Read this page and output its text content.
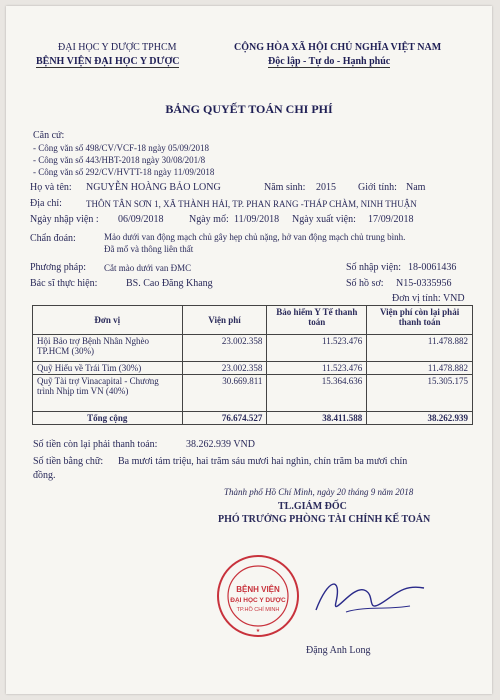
ĐẠI HỌC Y DƯỢC TPHCM
BỆNH VIỆN ĐẠI HỌC Y DƯỢC
CỘNG HÒA XÃ HỘI CHỦ NGHĨA VIỆT NAM
Độc lập - Tự do - Hạnh phúc
BẢNG QUYẾT TOÁN CHI PHÍ
Căn cứ:
- Công văn số 498/CV/VCF-18 ngày 05/09/2018
- Công văn số 443/HBT-2018 ngày 30/08/201/8
- Công văn số 292/CV/HVTT-18 ngày 11/09/2018
Họ và tên: NGUYỄN HOÀNG BẢO LONG	Năm sinh: 2015 Giới tính: Nam
Địa chỉ:	THÔN TÂN SƠN 1, XÃ THÀNH HẢI, TP. PHAN RANG -THÁP CHÀM, NINH THUẬN
Ngày nhập viện : 06/09/2018	Ngày mổ: 11/09/2018 Ngày xuất viện: 17/09/2018
Chẩn đoán:	Mảo dưới van động mạch chủ gây hẹp chủ nặng, hở van động mạch chủ trung bình.
Đã mổ và thông liên thất
Phương pháp: Cắt mào dưới van ĐMC	Số nhập viện: 18-0061436
Bác sĩ thực hiện:	BS. Cao Đăng Khang	Số hồ sơ: N15-0335956
Đơn vị tính: VND
Đơn vị	Viện phí	Bảo hiểm Y Tế thanh toán	Viện phí còn lại phải thanh toán
Hội Bảo trợ Bệnh Nhân Nghèo TP.HCM (30%)	23.002.358	11.523.476	11.478.882
Quỹ Hiểu về Trái Tim (30%)	23.002.358	11.523.476	11.478.882
Quỹ Tài trợ Vinacapital - Chương trình Nhịp tim VN (40%)	30.669.811	15.364.636	15.305.175
Tổng cộng	76.674.527	38.411.588	38.262.939
Số tiền còn lại phải thanh toán:	38.262.939 VND
Số tiền bằng chữ: Ba mươi tám triệu, hai trăm sáu mươi hai nghìn, chín trăm ba mươi chín
đồng.
Thành phố Hồ Chí Minh, ngày 20 tháng 9 năm 2018
TL.GIÁM ĐỐC
PHÓ TRƯỞNG PHÒNG TÀI CHÍNH KẾ TOÁN
BỆNH VIỆN
ĐẠI HỌC Y DƯỢC
TP.HỒ CHÍ MINH
★
Đặng Anh Long
